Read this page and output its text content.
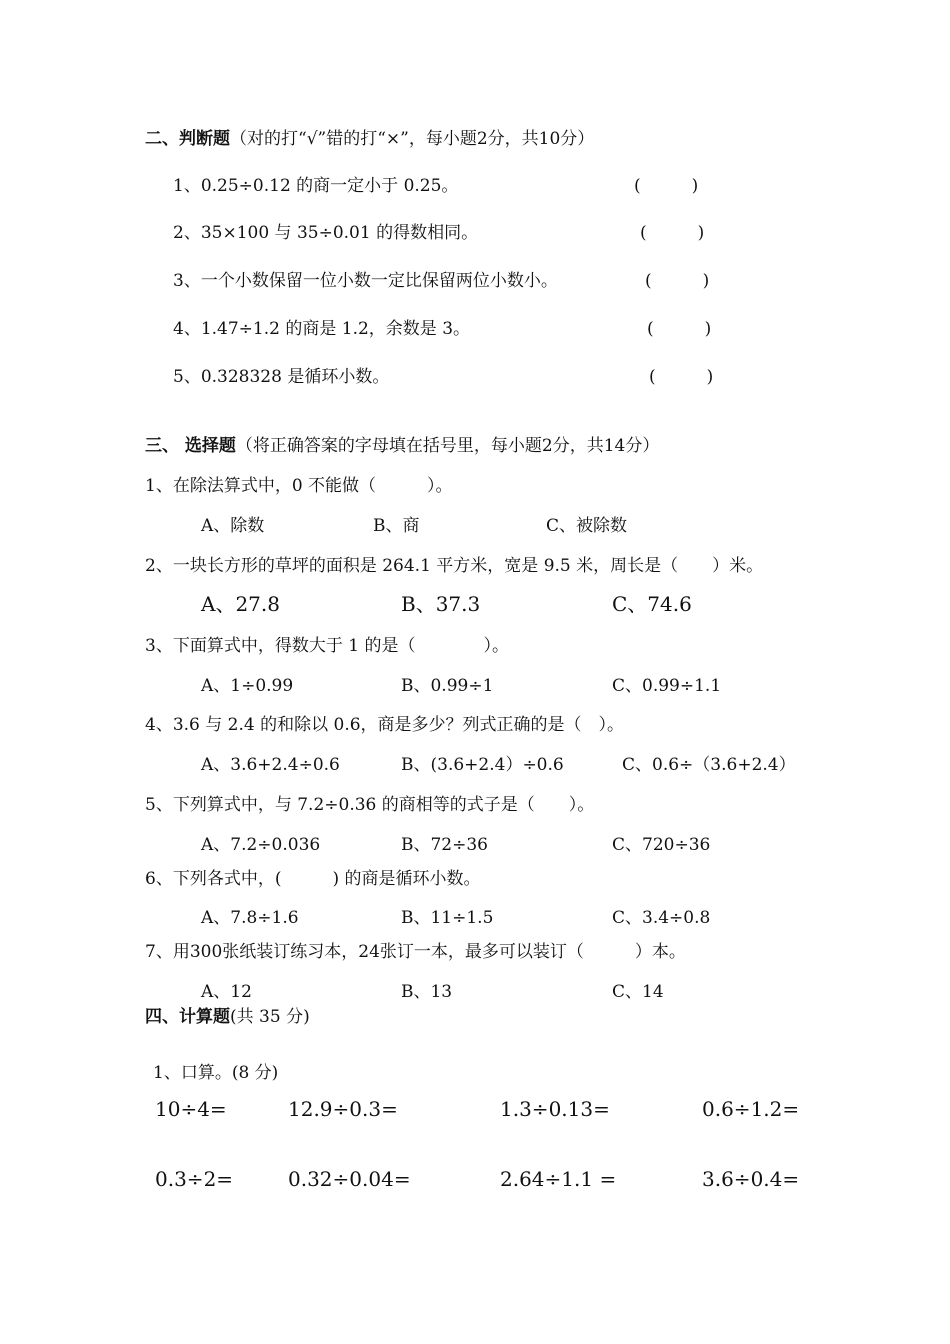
二、判断题（对的打“√”错的打“×”，每小题2分，共10分）
1、0.25÷0.12 的商一定小于 0.25。	(　　　)
2、35×100 与 35÷0.01 的得数相同。	(　　　)
3、一个小数保留一位小数一定比保留两位小数小。	(　　　)
4、1.47÷1.2 的商是 1.2，余数是 3。	(　　　)
5、0.328328 是循环小数。	(　　　)
三、 选择题（将正确答案的字母填在括号里，每小题2分，共14分）
1、在除法算式中，0 不能做（　　　）。
A、除数	B、商	C、被除数
2、一块长方形的草坪的面积是 264.1 平方米，宽是 9.5 米，周长是（　　）米。
A、27.8	B、37.3	C、74.6
3、下面算式中，得数大于 1 的是（　　　　）。
A、1÷0.99	B、0.99÷1	C、0.99÷1.1
4、3.6 与 2.4 的和除以 0.6，商是多少？列式正确的是（　）。
A、3.6+2.4÷0.6	B、(3.6+2.4）÷0.6	C、0.6÷（3.6+2.4）
5、下列算式中，与 7.2÷0.36 的商相等的式子是（　　）。
A、7.2÷0.036	B、72÷36	C、720÷36
6、下列各式中，(　　　) 的商是循环小数。
A、7.8÷1.6	B、11÷1.5	C、3.4÷0.8
7、用300张纸装订练习本，24张订一本，最多可以装订（　　　）本。
A、12	B、13	C、14
四、计算题(共 35 分)
1、口算。(8 分)
10÷4=	12.9÷0.3=	1.3÷0.13=	0.6÷1.2=
0.3÷2=	0.32÷0.04=	2.64÷1.1 =	3.6÷0.4=
